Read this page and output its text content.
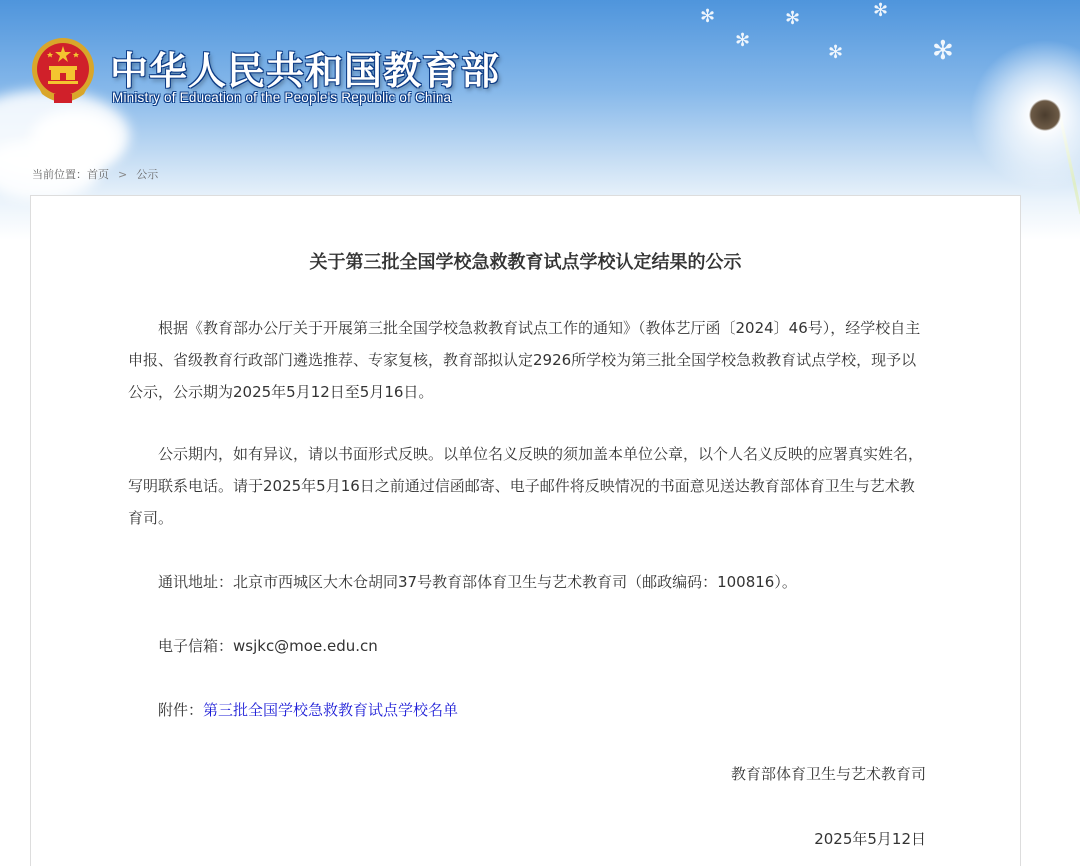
✻
✻
✻
✻	✻
✻
中华人民共和国教育部
Ministry of Education of the People's Republic of China
当前位置： 首页 > 公示
关于第三批全国学校急救教育试点学校认定结果的公示

根据《教育部办公厅关于开展第三批全国学校急救教育试点工作的通知》（教体艺厅函〔2024〕46号），经学校自主申报、省级教育行政部门遴选推荐、专家复核，教育部拟认定2926所学校为第三批全国学校急救教育试点学校，现予以公示，公示期为2025年5月12日至5月16日。

公示期内，如有异议，请以书面形式反映。以单位名义反映的须加盖本单位公章，以个人名义反映的应署真实姓名，写明联系电话。请于2025年5月16日之前通过信函邮寄、电子邮件将反映情况的书面意见送达教育部体育卫生与艺术教育司。

通讯地址：北京市西城区大木仓胡同37号教育部体育卫生与艺术教育司（邮政编码：100816）。

电子信箱：wsjkc@moe.edu.cn

附件：第三批全国学校急救教育试点学校名单

教育部体育卫生与艺术教育司
2025年5月12日
